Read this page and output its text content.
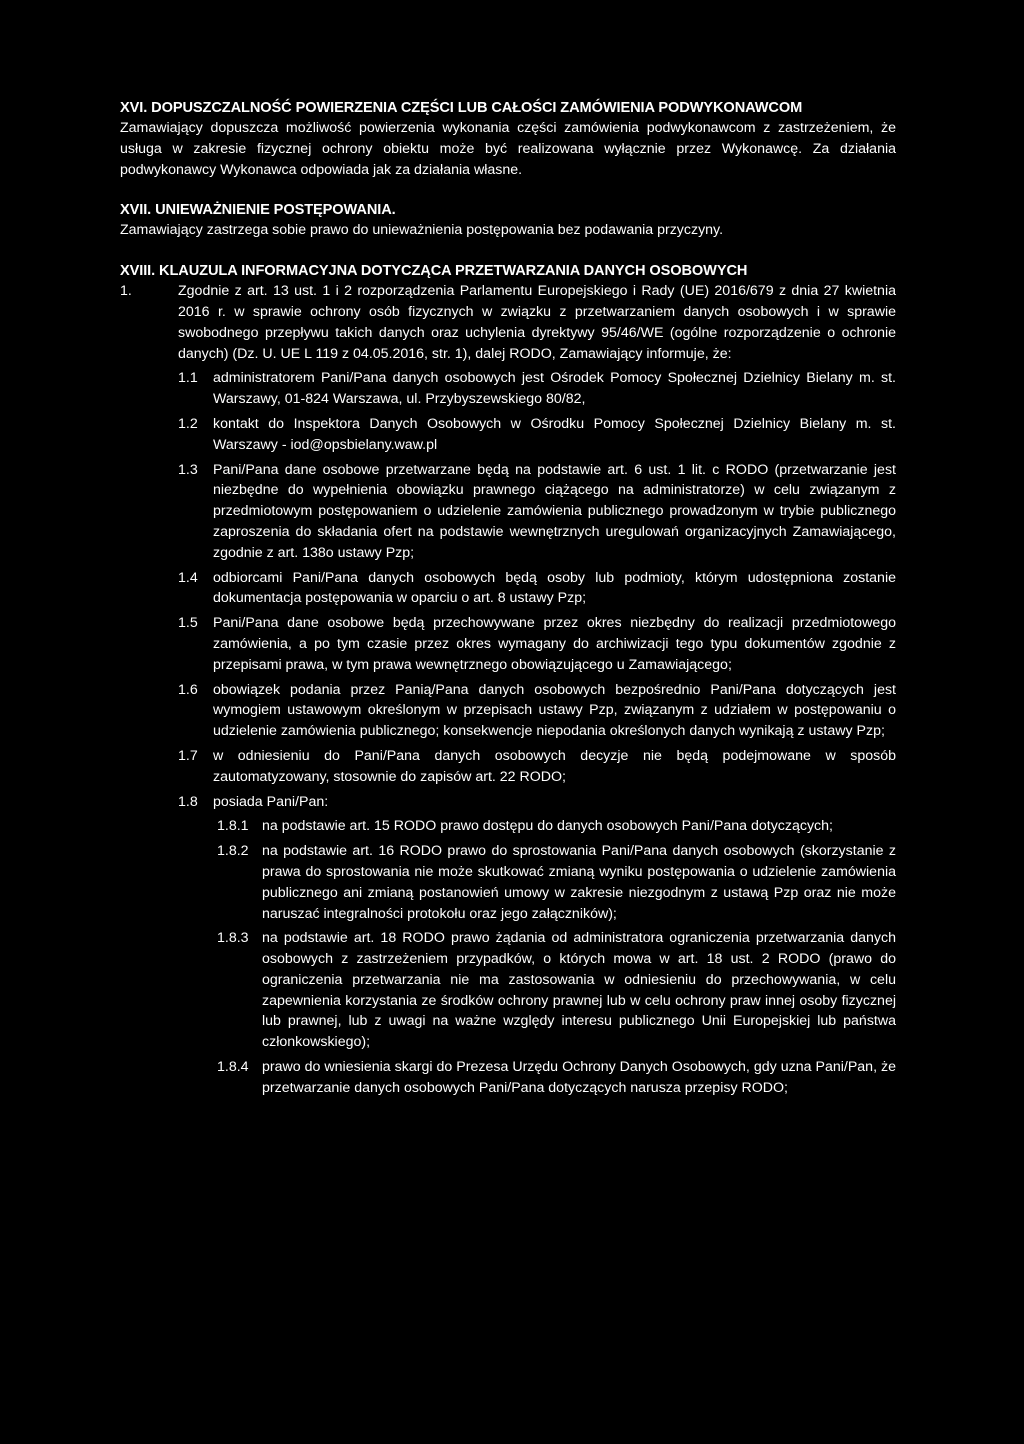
XVI. DOPUSZCZALNOŚĆ POWIERZENIA CZĘŚCI LUB CAŁOŚCI ZAMÓWIENIA PODWYKONAWCOM
Zamawiający dopuszcza możliwość powierzenia wykonania części zamówienia podwykonawcom z zastrzeżeniem, że usługa w zakresie fizycznej ochrony obiektu może być realizowana wyłącznie przez Wykonawcę. Za działania podwykonawcy Wykonawca odpowiada jak za działania własne.
XVII. UNIEWAŻNIENIE POSTĘPOWANIA.
Zamawiający zastrzega sobie prawo do unieważnienia postępowania bez podawania przyczyny.
XVIII. KLAUZULA INFORMACYJNA DOTYCZĄCA PRZETWARZANIA DANYCH OSOBOWYCH
1.	Zgodnie z art. 13 ust. 1 i 2 rozporządzenia Parlamentu Europejskiego i Rady (UE) 2016/679 z dnia 27 kwietnia 2016 r. w sprawie ochrony osób fizycznych w związku z przetwarzaniem danych osobowych i w sprawie swobodnego przepływu takich danych oraz uchylenia dyrektywy 95/46/WE (ogólne rozporządzenie o ochronie danych) (Dz. U. UE L 119 z 04.05.2016, str. 1), dalej RODO, Zamawiający informuje, że:
1.1 administratorem Pani/Pana danych osobowych jest Ośrodek Pomocy Społecznej Dzielnicy Bielany m. st. Warszawy, 01-824 Warszawa, ul. Przybyszewskiego 80/82,
1.2 kontakt do Inspektora Danych Osobowych w Ośrodku Pomocy Społecznej Dzielnicy Bielany m. st. Warszawy - iod@opsbielany.waw.pl
1.3 Pani/Pana dane osobowe przetwarzane będą na podstawie art. 6 ust. 1 lit. c RODO (przetwarzanie jest niezbędne do wypełnienia obowiązku prawnego ciążącego na administratorze) w celu związanym z przedmiotowym postępowaniem o udzielenie zamówienia publicznego prowadzonym w trybie publicznego zaproszenia do składania ofert na podstawie wewnętrznych uregulowań organizacyjnych Zamawiającego, zgodnie z art. 138o ustawy Pzp;
1.4 odbiorcami Pani/Pana danych osobowych będą osoby lub podmioty, którym udostępniona zostanie dokumentacja postępowania w oparciu o art. 8 ustawy Pzp;
1.5 Pani/Pana dane osobowe będą przechowywane przez okres niezbędny do realizacji przedmiotowego zamówienia, a po tym czasie przez okres wymagany do archiwizacji tego typu dokumentów zgodnie z przepisami prawa, w tym prawa wewnętrznego obowiązującego u Zamawiającego;
1.6 obowiązek podania przez Panią/Pana danych osobowych bezpośrednio Pani/Pana dotyczących jest wymogiem ustawowym określonym w przepisach ustawy Pzp, związanym z udziałem w postępowaniu o udzielenie zamówienia publicznego; konsekwencje niepodania określonych danych wynikają z ustawy Pzp;
1.7 w odniesieniu do Pani/Pana danych osobowych decyzje nie będą podejmowane w sposób zautomatyzowany, stosownie do zapisów art. 22 RODO;
1.8 posiada Pani/Pan:
1.8.1 na podstawie art. 15 RODO prawo dostępu do danych osobowych Pani/Pana dotyczących;
1.8.2 na podstawie art. 16 RODO prawo do sprostowania Pani/Pana danych osobowych (skorzystanie z prawa do sprostowania nie może skutkować zmianą wyniku postępowania o udzielenie zamówienia publicznego ani zmianą postanowień umowy w zakresie niezgodnym z ustawą Pzp oraz nie może naruszać integralności protokołu oraz jego załączników);
1.8.3 na podstawie art. 18 RODO prawo żądania od administratora ograniczenia przetwarzania danych osobowych z zastrzeżeniem przypadków, o których mowa w art. 18 ust. 2 RODO (prawo do ograniczenia przetwarzania nie ma zastosowania w odniesieniu do przechowywania, w celu zapewnienia korzystania ze środków ochrony prawnej lub w celu ochrony praw innej osoby fizycznej lub prawnej, lub z uwagi na ważne względy interesu publicznego Unii Europejskiej lub państwa członkowskiego);
1.8.4 prawo do wniesienia skargi do Prezesa Urzędu Ochrony Danych Osobowych, gdy uzna Pani/Pan, że przetwarzanie danych osobowych Pani/Pana dotyczących narusza przepisy RODO;
